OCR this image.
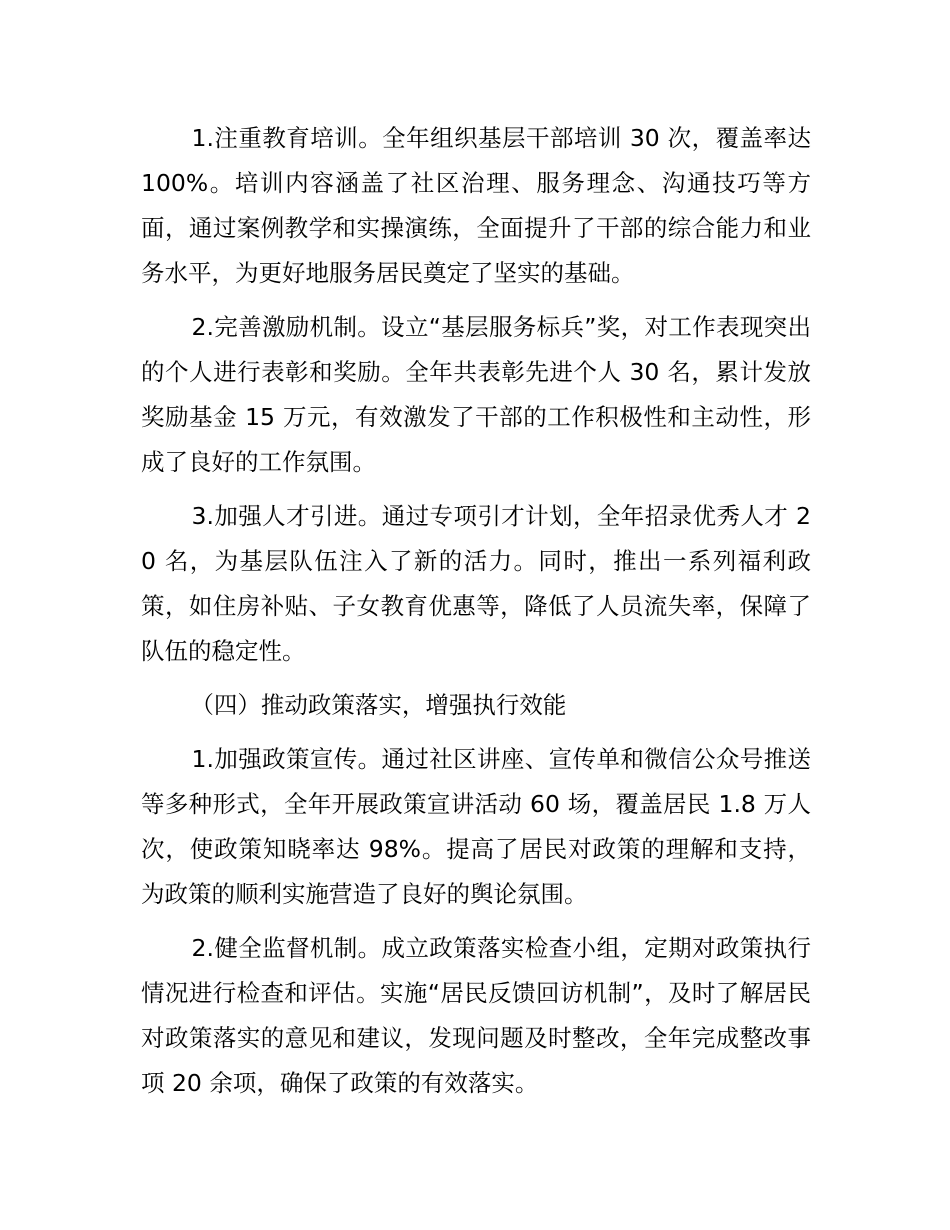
1.注重教育培训。全年组织基层干部培训 30 次，覆盖率达 100%。培训内容涵盖了社区治理、服务理念、沟通技巧等方面，通过案例教学和实操演练，全面提升了干部的综合能力和业务水平，为更好地服务居民奠定了坚实的基础。

2.完善激励机制。设立“基层服务标兵”奖，对工作表现突出的个人进行表彰和奖励。全年共表彰先进个人 30 名，累计发放奖励基金 15 万元，有效激发了干部的工作积极性和主动性，形成了良好的工作氛围。

3.加强人才引进。通过专项引才计划，全年招录优秀人才 20 名，为基层队伍注入了新的活力。同时，推出一系列福利政策，如住房补贴、子女教育优惠等，降低了人员流失率，保障了队伍的稳定性。

（四）推动政策落实，增强执行效能

1.加强政策宣传。通过社区讲座、宣传单和微信公众号推送等多种形式，全年开展政策宣讲活动 60 场，覆盖居民 1.8 万人次，使政策知晓率达 98%。提高了居民对政策的理解和支持，为政策的顺利实施营造了良好的舆论氛围。

2.健全监督机制。成立政策落实检查小组，定期对政策执行情况进行检查和评估。实施“居民反馈回访机制”，及时了解居民对政策落实的意见和建议，发现问题及时整改，全年完成整改事项 20 余项，确保了政策的有效落实。
